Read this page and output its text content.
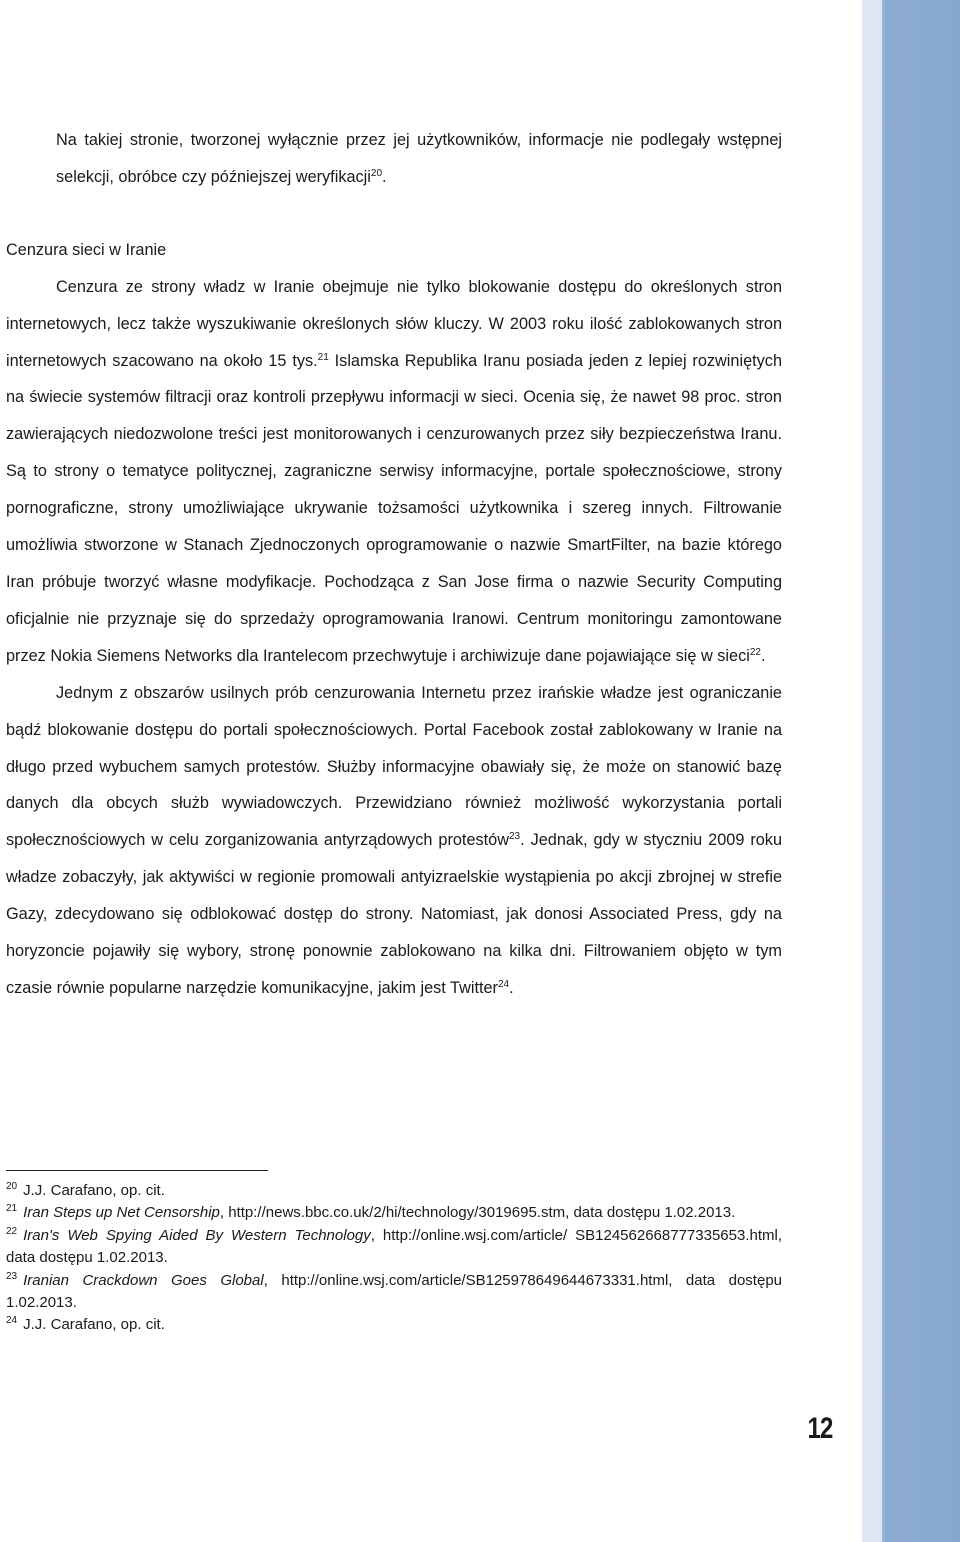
Na takiej stronie, tworzonej wyłącznie przez jej użytkowników, informacje nie podlegały wstępnej selekcji, obróbce czy późniejszej weryfikacji$^{20}$.

Cenzura sieci w Iranie

Cenzura ze strony władz w Iranie obejmuje nie tylko blokowanie dostępu do określonych stron internetowych, lecz także wyszukiwanie określonych słów kluczy. W 2003 roku ilość zablokowanych stron internetowych szacowano na około 15 tys.$^{21}$ Islamska Republika Iranu posiada jeden z lepiej rozwiniętych na świecie systemów filtracji oraz kontroli przepływu informacji w sieci. Ocenia się, że nawet 98 proc. stron zawierających niedozwolone treści jest monitorowanych i cenzurowanych przez siły bezpieczeństwa Iranu. Są to strony o tematyce politycznej, zagraniczne serwisy informacyjne, portale społecznościowe, strony pornograficzne, strony umożliwiające ukrywanie tożsamości użytkownika i szereg innych. Filtrowanie umożliwia stworzone w Stanach Zjednoczonych oprogramowanie o nazwie SmartFilter, na bazie którego Iran próbuje tworzyć własne modyfikacje. Pochodząca z San Jose firma o nazwie Security Computing oficjalnie nie przyznaje się do sprzedaży oprogramowania Iranowi. Centrum monitoringu zamontowane przez Nokia Siemens Networks dla Irantelecom przechwytuje i archiwizuje dane pojawiające się w sieci$^{22}$.

Jednym z obszarów usilnych prób cenzurowania Internetu przez irańskie władze jest ograniczanie bądź blokowanie dostępu do portali społecznościowych. Portal Facebook został zablokowany w Iranie na długo przed wybuchem samych protestów. Służby informacyjne obawiały się, że może on stanowić bazę danych dla obcych służb wywiadowczych. Przewidziano również możliwość wykorzystania portali społecznościowych w celu zorganizowania antyrządowych protestów$^{23}$. Jednak, gdy w styczniu 2009 roku władze zobaczyły, jak aktywiści w regionie promowali antyizraelskie wystąpienia po akcji zbrojnej w strefie Gazy, zdecydowano się odblokować dostęp do strony. Natomiast, jak donosi Associated Press, gdy na horyzoncie pojawiły się wybory, stronę ponownie zablokowano na kilka dni. Filtrowaniem objęto w tym czasie równie popularne narzędzie komunikacyjne, jakim jest Twitter$^{24}$.

$^{20}$ J.J. Carafano, op. cit.

$^{21}$ Iran Steps up Net Censorship, http://news.bbc.co.uk/2/hi/technology/3019695.stm, data dostępu 1.02.2013.

$^{22}$ Iran's Web Spying Aided By Western Technology, http://online.wsj.com/article/ SB124562668777335653.html, data dostępu 1.02.2013.

$^{23}$ Iranian Crackdown Goes Global, http://online.wsj.com/article/SB125978649644673331.html, data dostępu 1.02.2013.

$^{24}$ J.J. Carafano, op. cit.

12
